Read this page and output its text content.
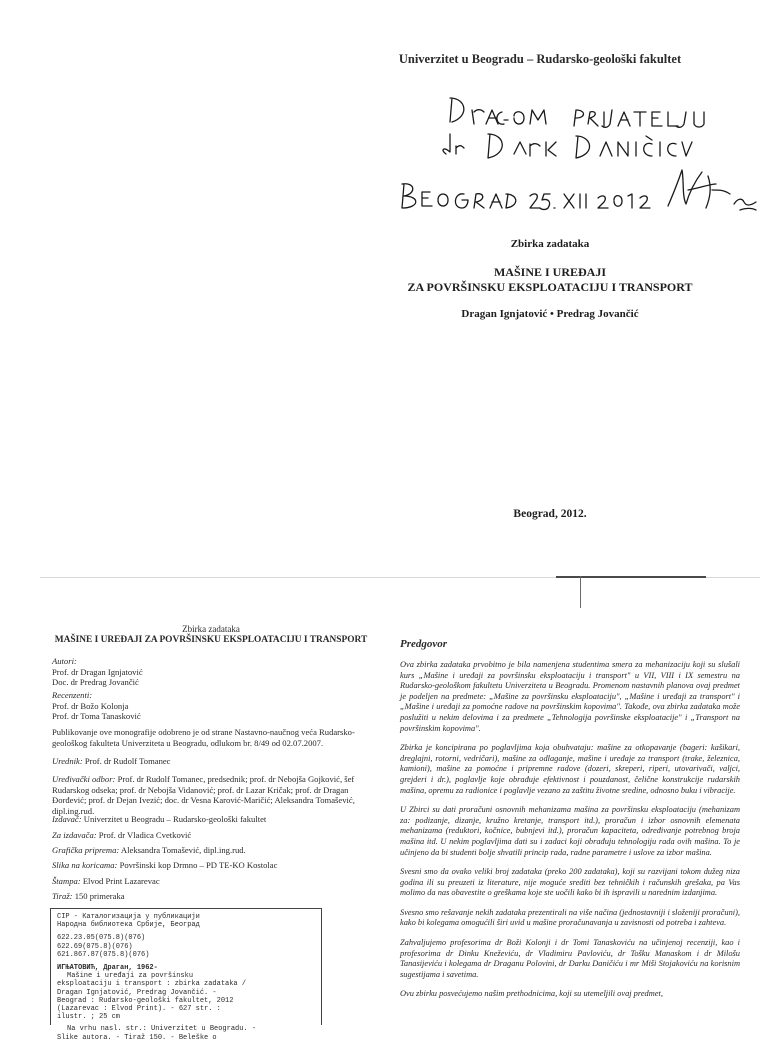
Univerzitet u Beogradu – Rudarsko-geološki fakultet
Zbirka zadataka
MAŠINE I UREĐAJI
ZA POVRŠINSKU EKSPLOATACIJU I TRANSPORT
Dragan Ignjatović • Predrag Jovančić
Beograd, 2012.
Zbirka zadataka
MAŠINE I UREĐAJI ZA POVRŠINSKU EKSPLOATACIJU I TRANSPORT

Autori:

Prof. dr Dragan Ignjatović

Doc. dr Predrag Jovančić

Recenzenti:

Prof. dr Božo Kolonja

Prof. dr Toma Tanasković

Publikovanje ove monografije odobreno je od strane Nastavno-naučnog veća Rudarsko-geološkog fakulteta Univerziteta u Beogradu, odlukom br. 8/49 od 02.07.2007.
Urednik: Prof. dr Rudolf Tomanec
Uređivački odbor: Prof. dr Rudolf Tomanec, predsednik; prof. dr Nebojša Gojković, šef Rudarskog odseka; prof. dr Nebojša Vidanović; prof. dr Lazar Kričak; prof. dr Dragan Đorđević; prof. dr Dejan Ivezić; doc. dr Vesna Karović-Maričić; Aleksandra Tomašević, dipl.ing.rud.
Izdavač: Univerzitet u Beogradu – Rudarsko-geološki fakultet
Za izdavača: Prof. dr Vladica Cvetković
Grafička priprema: Aleksandra Tomašević, dipl.ing.rud.
Slika na koricama: Površinski kop Drmno – PD TE-KO Kostolac
Štampa: Elvod Print Lazarevac
Tiraž: 150 primeraka
CIP - Каталогизација у публикацији
Народна библиотека Србије, Београд
622.23.05(075.8)(076)
622.69(075.8)(076)
621.867.87(075.8)(076)
ИГЊАТОВИЋ, Драган, 1962-
Mašine i uređaji za površinsku
eksploataciju i transport : zbirka zadataka /
Dragan Ignjatović, Predrag Jovančić. -
Beograd : Rudarsko-geološki fakultet, 2012
(Lazarevac : Elvod Print). - 627 str. :
ilustr. ; 25 cm
Na vrhu nasl. str.: Univerzitet u Beogradu. -
Slike autora. - Tiraž 150. - Beleške o
Predgovor

Ova zbirka zadataka prvobitno je bila namenjena studentima smera za mehanizaciju koji su slušali kurs „Mašine i uređaji za površinsku eksploataciju i transport" u VII, VIII i IX semestru na Rudarsko-geološkom fakultetu Univerziteta u Beogradu. Promenom nastavnih planova ovaj predmet je podeljen na predmete: „Mašine za površinsku eksploataciju", „Mašine i uređaji za transport" i „Mašine i uređaji za pomoćne radove na površinskim kopovima". Takođe, ova zbirka zadataka može poslužiti u nekim delovima i za predmete „Tehnologija površinske eksploatacije" i „Transport na površinskim kopovima".

Zbirka je koncipirana po poglavljima koja obuhvataju: mašine za otkopavanje (bageri: kašikari, dreglajni, rotorni, vedričari), mašine za odlaganje, mašine i uređaje za transport (trake, železnica, kamioni), mašine za pomoćne i pripremne radove (dozeri, skreperi, riperi, utovarivači, valjci, grejderi i dr.), poglavlje koje obrađuje efektivnost i pouzdanost, čelične konstrukcije rudarskih mašina, opremu za radionice i poglavlje vezano za zaštitu životne sredine, odnosno buku i vibracije.

U Zbirci su dati proračuni osnovnih mehanizama mašina za površinsku eksploataciju (mehanizam za: podizanje, dizanje, kružno kretanje, transport itd.), proračun i izbor osnovnih elemenata mehanizama (reduktori, kočnice, bubnjevi itd.), proračun kapaciteta, određivanje potrebnog broja mašina itd. U nekim poglavljima dati su i zadaci koji obrađuju tehnologiju rada ovih mašina. To je učinjeno da bi studenti bolje shvatili princip rada, radne parametre i uslove za izbor mašina.

Svesni smo da ovako veliki broj zadataka (preko 200 zadataka), koji su razvijani tokom dužeg niza godina ili su preuzeti iz literature, nije moguće srediti bez tehničkih i računskih grešaka, pa Vas molimo da nas obavestite o greškama koje ste uočili kako bi ih ispravili u narednim izdanjima.

Svesno smo rešavanje nekih zadataka prezentirali na više načina (jednostavniji i složeniji proračuni), kako bi kolegama omogućili širi uvid u mašine proračunavanja u zavisnosti od potreba i zahteva.

Zahvaljujemo profesorima dr Boži Kolonji i dr Tomi Tanaskoviću na učinjenoj recenziji, kao i profesorima dr Dinku Kneževiću, dr Vladimiru Pavloviću, dr Tošku Manaskom i dr Milošu Tanasijeviću i kolegama dr Draganu Polovini, dr Darku Daničiću i mr Miši Stojakoviću na korisnim sugestijama i savetima.

Ovu zbirku posvećujemo našim prethodnicima, koji su utemeljili ovaj predmet,
